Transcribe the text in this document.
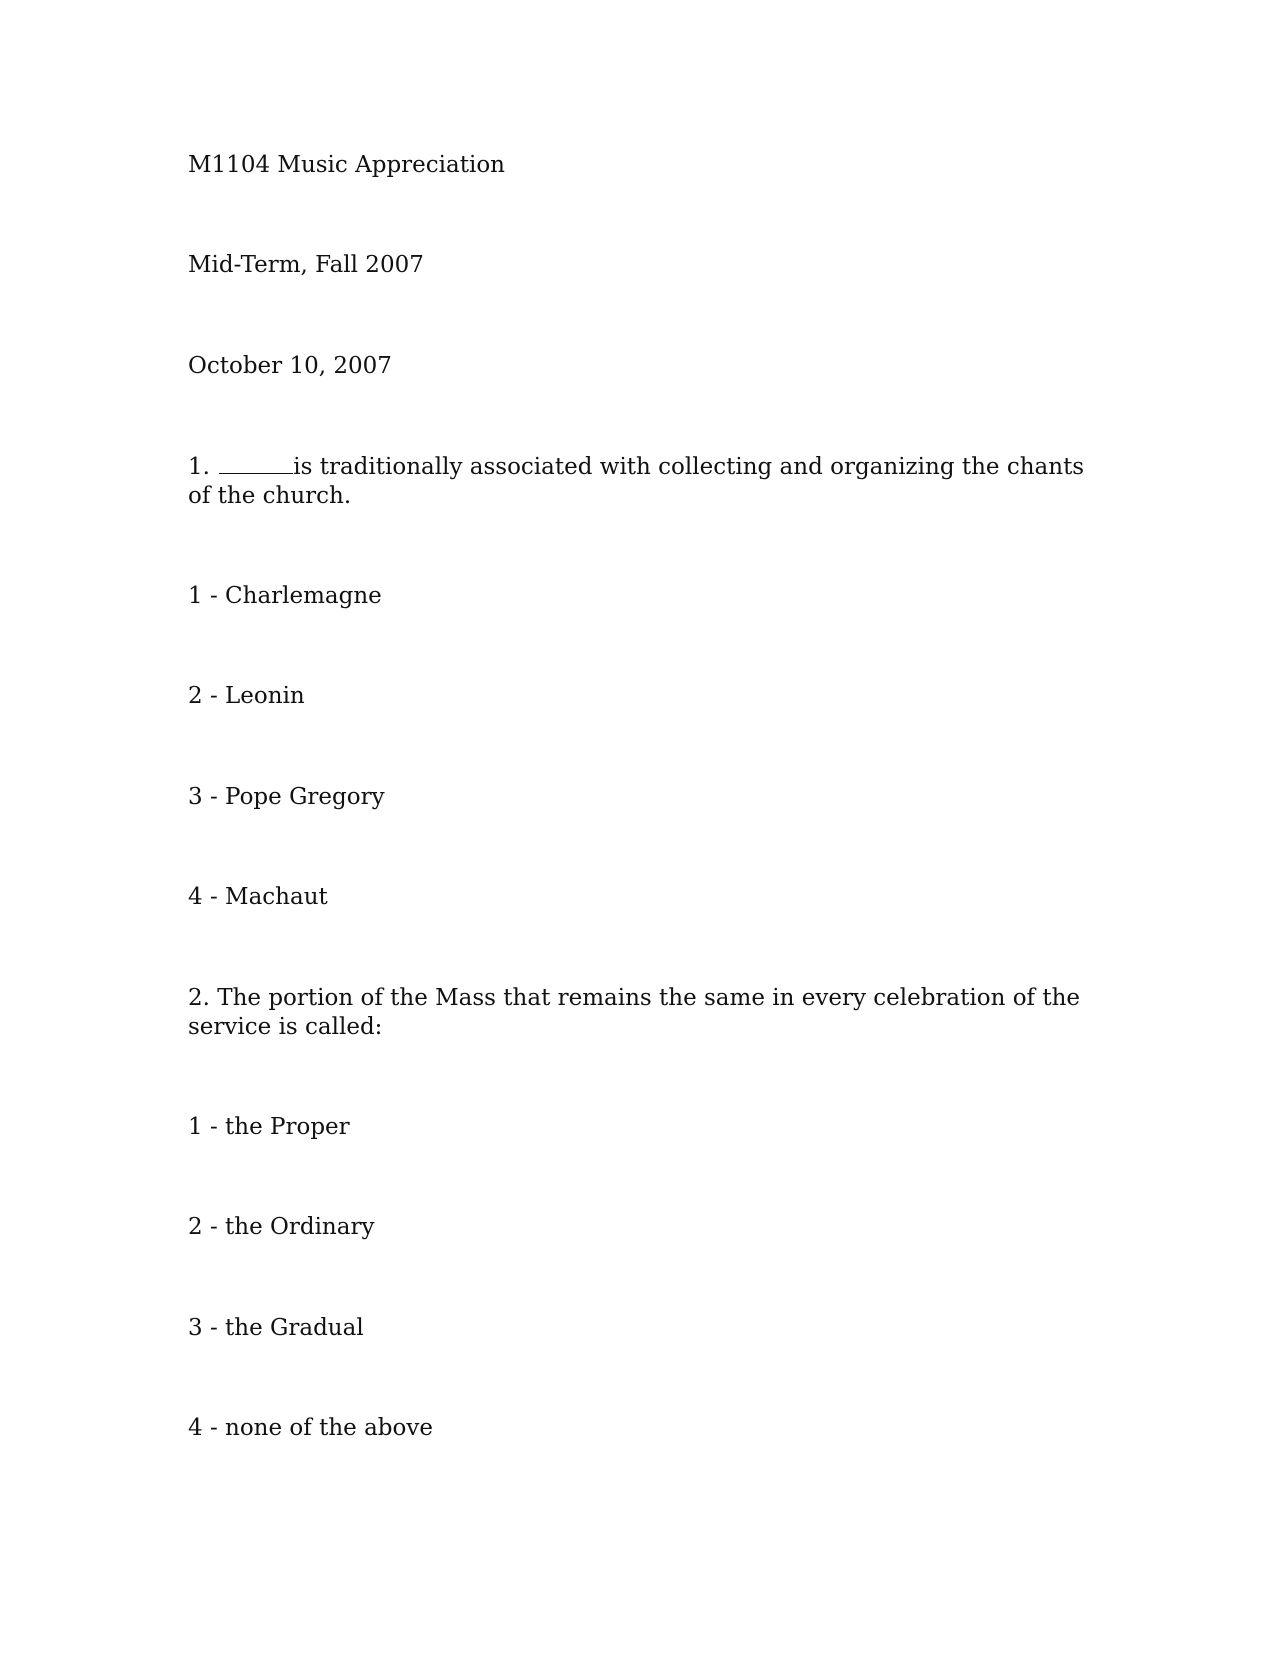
M1104 Music Appreciation

Mid-Term, Fall 2007

October 10, 2007

1.	is traditionally associated with collecting and organizing the chants of the church.

1 - Charlemagne

2 - Leonin

3 - Pope Gregory

4 - Machaut

2. The portion of the Mass that remains the same in every celebration of the service is called:

1 - the Proper

2 - the Ordinary

3 - the Gradual

4 - none of the above
